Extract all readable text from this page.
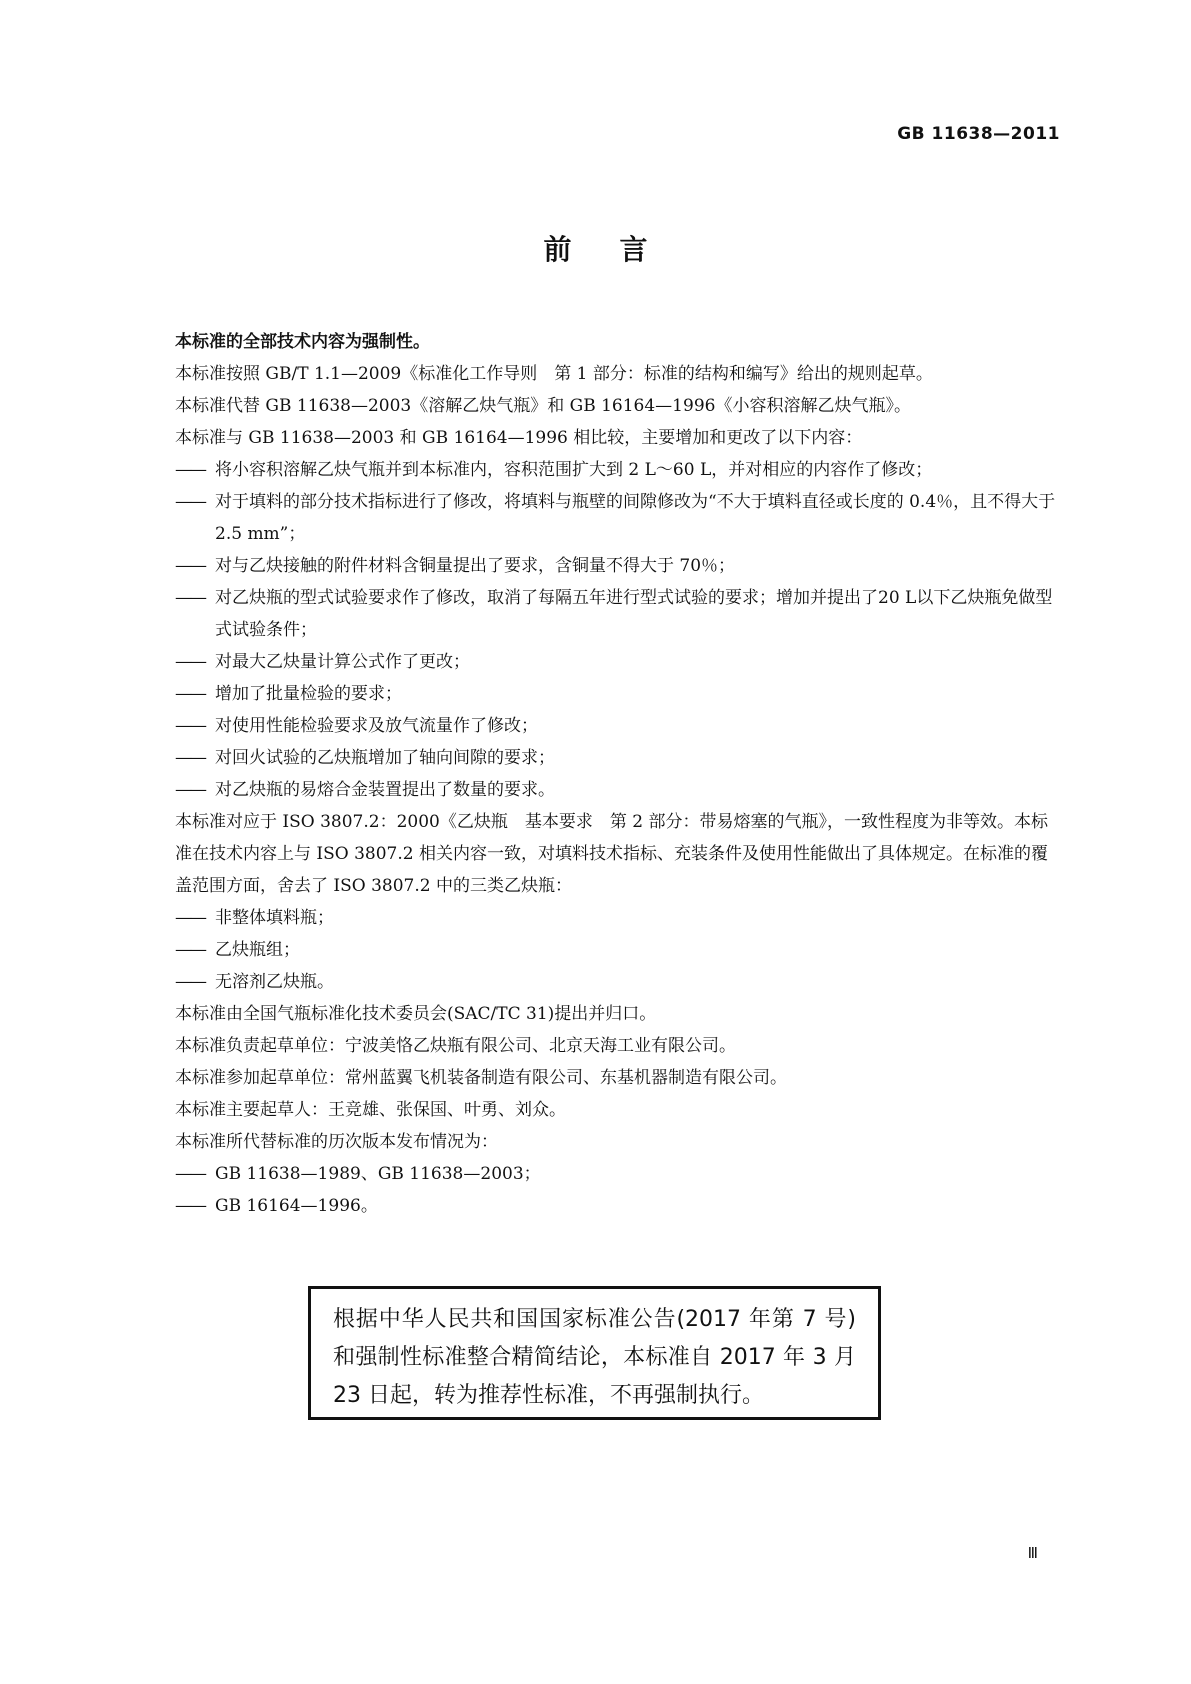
GB 11638—2011
前言

本标准的全部技术内容为强制性。

本标准按照 GB/T 1.1—2009《标准化工作导则　第 1 部分：标准的结构和编写》给出的规则起草。

本标准代替 GB 11638—2003《溶解乙炔气瓶》和 GB 16164—1996《小容积溶解乙炔气瓶》。

本标准与 GB 11638—2003 和 GB 16164—1996 相比较，主要增加和更改了以下内容：

—— 将小容积溶解乙炔气瓶并到本标准内，容积范围扩大到 2 L～60 L，并对相应的内容作了修改；
—— 对于填料的部分技术指标进行了修改，将填料与瓶壁的间隙修改为“不大于填料直径或长度的 0.4％，且不得大于 2.5 mm”；
—— 对与乙炔接触的附件材料含铜量提出了要求，含铜量不得大于 70％；
—— 对乙炔瓶的型式试验要求作了修改，取消了每隔五年进行型式试验的要求；增加并提出了20 L以下乙炔瓶免做型式试验条件；
—— 对最大乙炔量计算公式作了更改；
—— 增加了批量检验的要求；
—— 对使用性能检验要求及放气流量作了修改；
—— 对回火试验的乙炔瓶增加了轴向间隙的要求；
—— 对乙炔瓶的易熔合金装置提出了数量的要求。

本标准对应于 ISO 3807.2：2000《乙炔瓶　基本要求　第 2 部分：带易熔塞的气瓶》，一致性程度为非等效。本标准在技术内容上与 ISO 3807.2 相关内容一致，对填料技术指标、充装条件及使用性能做出了具体规定。在标准的覆盖范围方面，舍去了 ISO 3807.2 中的三类乙炔瓶：

—— 非整体填料瓶；
—— 乙炔瓶组；
—— 无溶剂乙炔瓶。

本标准由全国气瓶标准化技术委员会(SAC/TC 31)提出并归口。

本标准负责起草单位：宁波美恪乙炔瓶有限公司、北京天海工业有限公司。

本标准参加起草单位：常州蓝翼飞机装备制造有限公司、东基机器制造有限公司。

本标准主要起草人：王竞雄、张保国、叶勇、刘众。

本标准所代替标准的历次版本发布情况为：

—— GB 11638—1989、GB 11638—2003；
—— GB 16164—1996。
根据中华人民共和国国家标准公告(2017 年第 7 号)和强制性标准整合精简结论，本标准自 2017 年 3 月 23 日起，转为推荐性标准，不再强制执行。
Ⅲ
